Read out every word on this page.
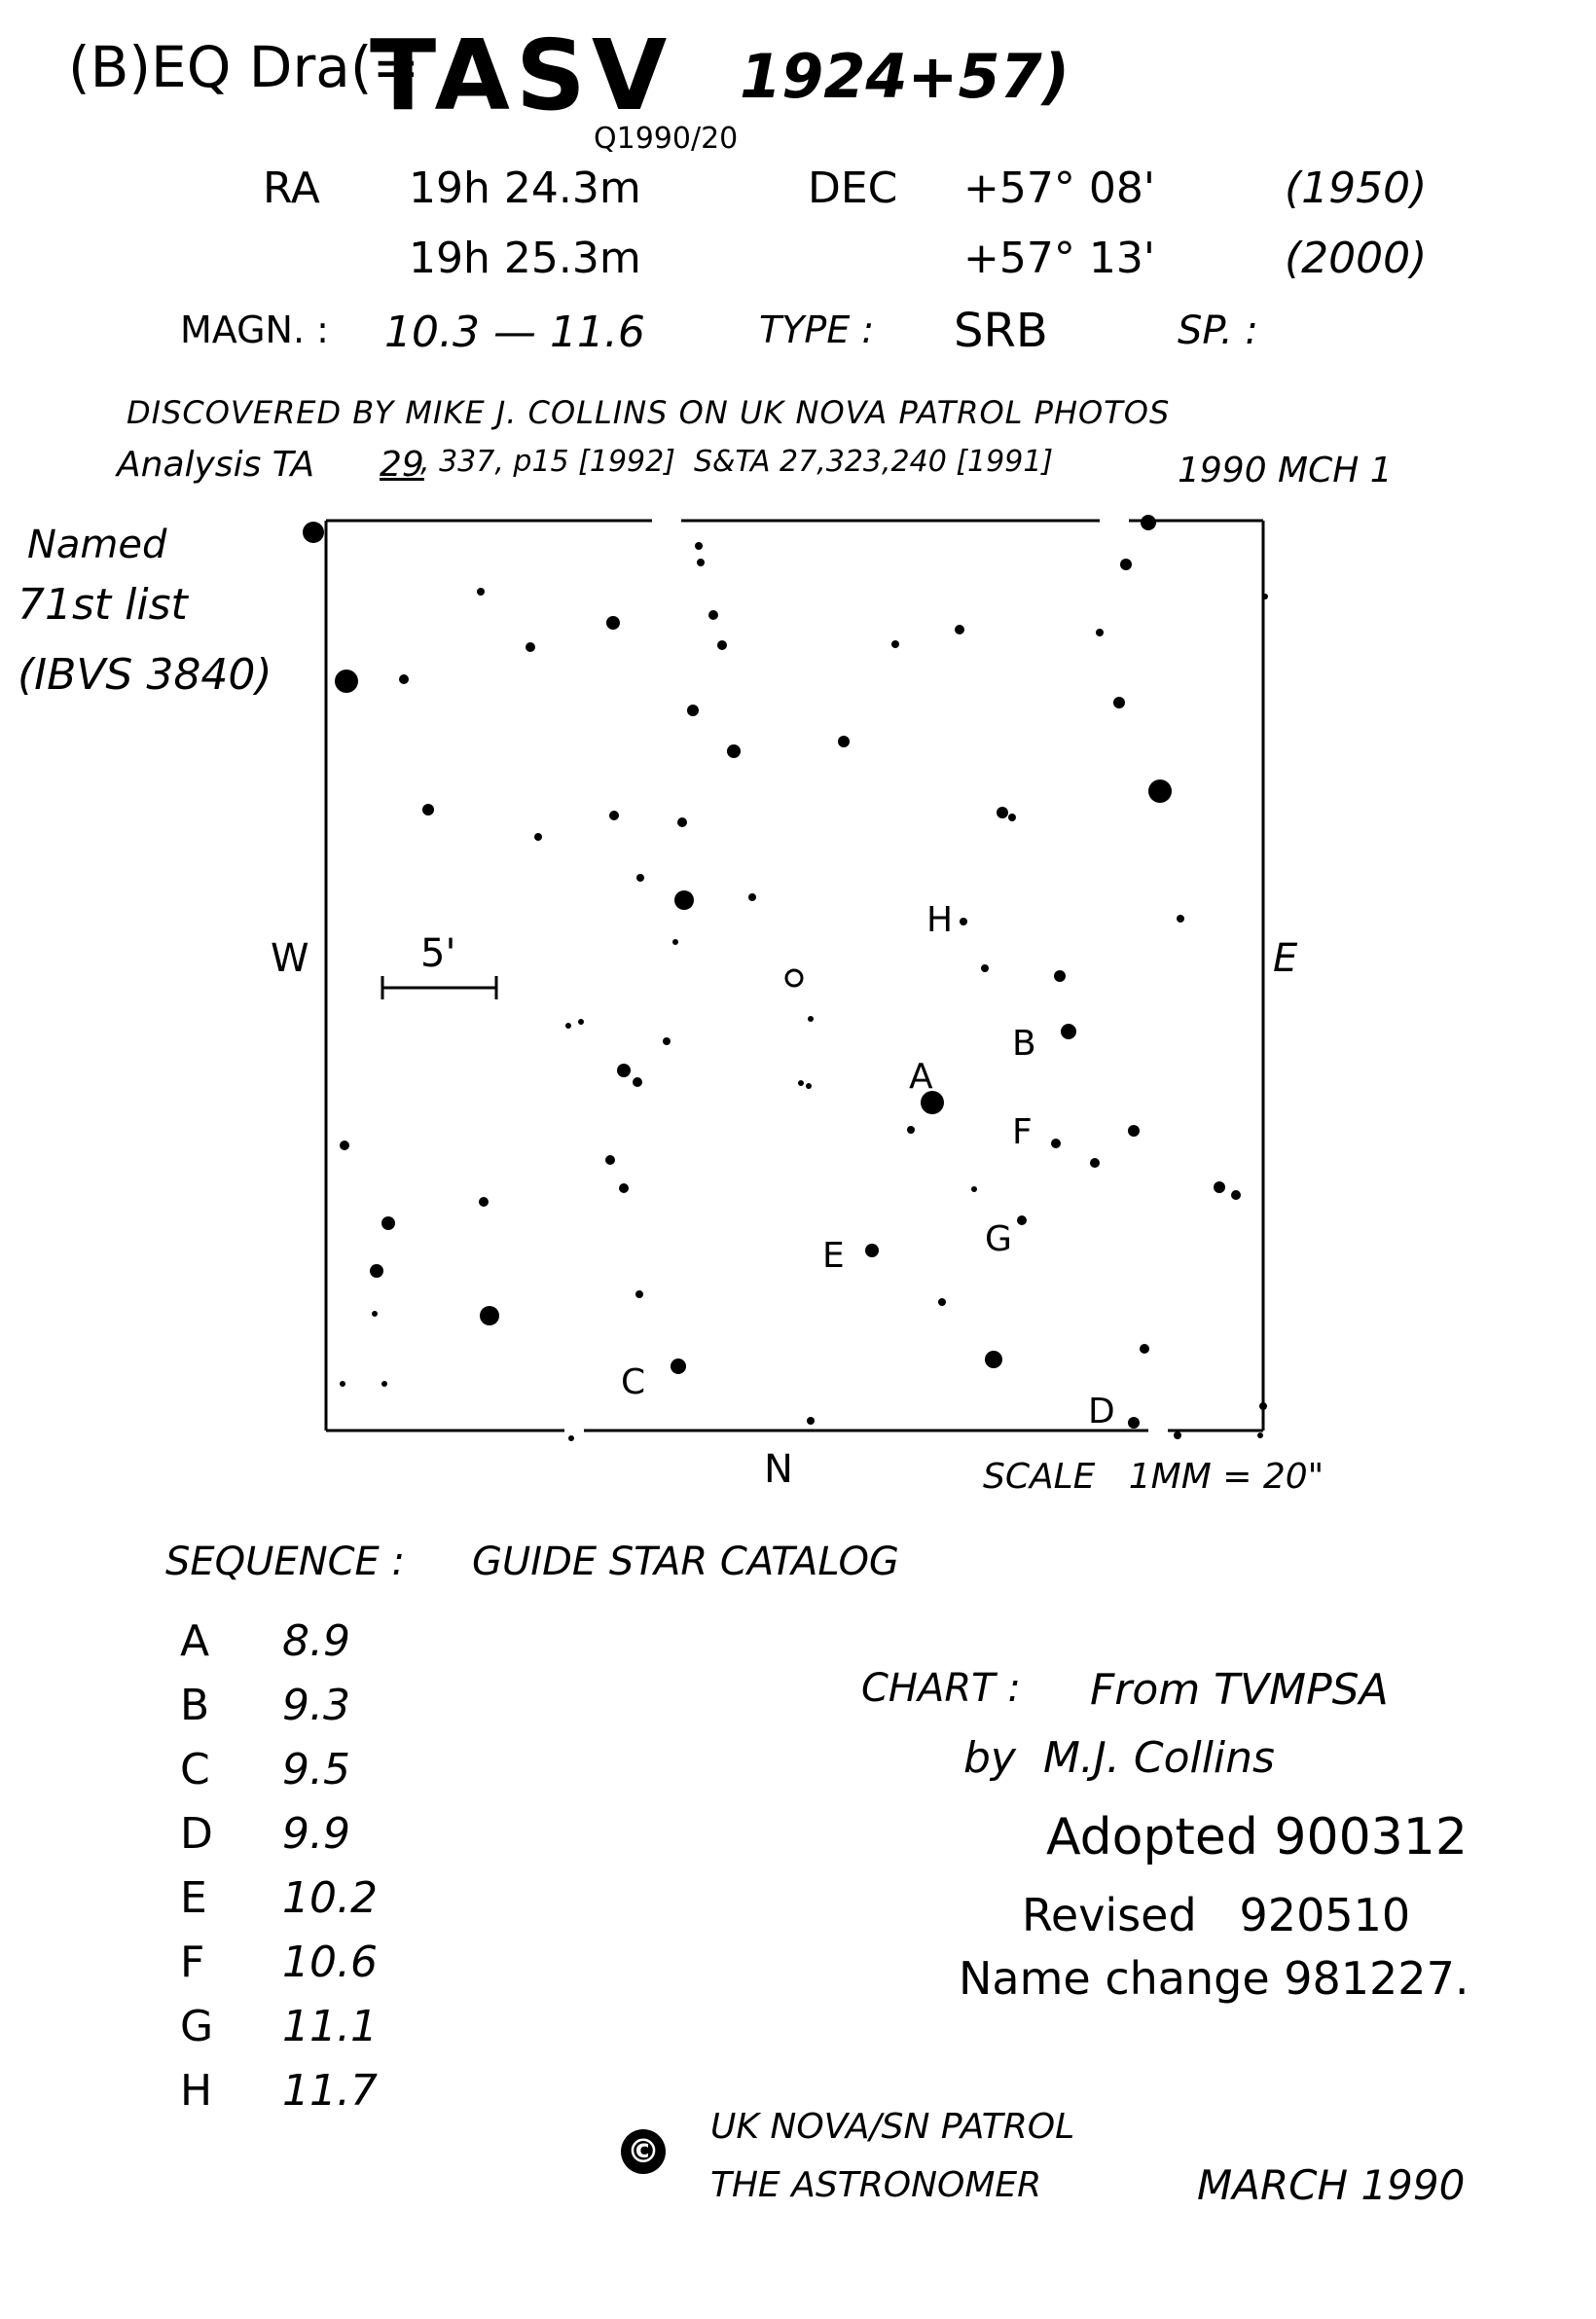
(B)EQ Dra(=
TASV 1924+57)
Q1990/20
RA 19h 24.3m	DEC +57° 08'	(1950)
19h 25.3m	+57° 13'	(2000)
MAGN. : 10.3 — 11.6	TYPE : SRB	SP. :
DISCOVERED BY MIKE J. COLLINS ON UK NOVA PATROL PHOTOS
Analysis TA 29
, 337, p15 [1992]  S&TA 27,323,240 [1991]	1990 MCH 1
Named
71st list
(IBVS 3840)
A
B
C
D
E
F
G
H
W	E
N
5'
SCALE   1MM = 20"
SEQUENCE : GUIDE STAR CATALOG
A 8.9
B 9.3
C 9.5
D 9.9
E 10.2
F 10.6
G 11.1
H 11.7
CHART : From TVMPSA
by  M.J. Collins
Adopted 900312
Revised   920510
Name change 981227.
©
UK NOVA/SN PATROL
THE ASTRONOMER	MARCH 1990
